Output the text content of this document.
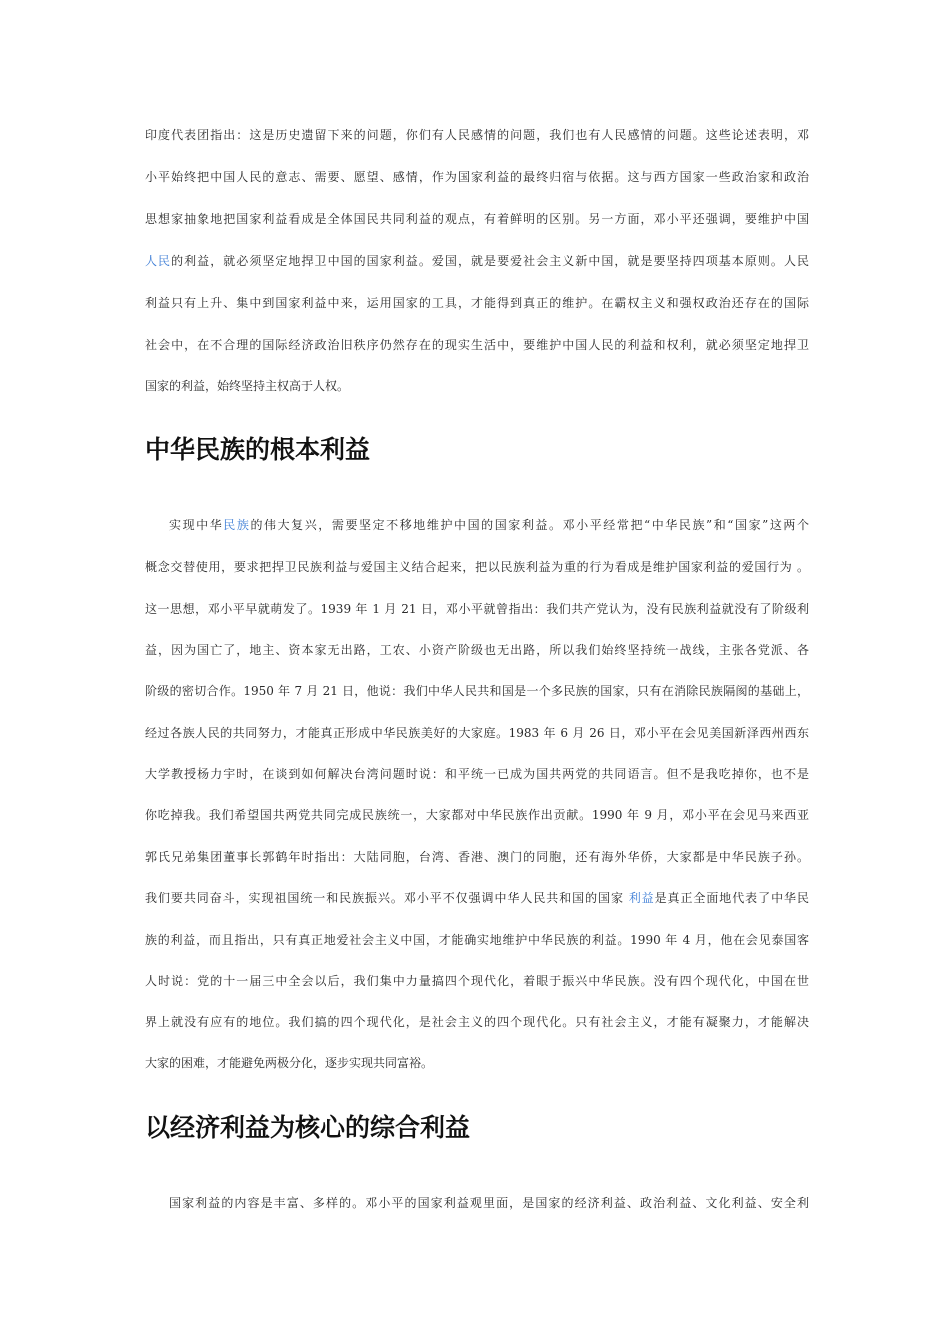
印度代表团指出：这是历史遗留下来的问题，你们有人民感情的问题，我们也有人民感情的问题。这些论述表明，邓
小平始终把中国人民的意志、需要、愿望、感情，作为国家利益的最终归宿与依据。这与西方国家一些政治家和政治
思想家抽象地把国家利益看成是全体国民共同利益的观点，有着鲜明的区别。另一方面，邓小平还强调，要维护中国
人民的利益，就必须坚定地捍卫中国的国家利益。爱国，就是要爱社会主义新中国，就是要坚持四项基本原则。人民
利益只有上升、集中到国家利益中来，运用国家的工具，才能得到真正的维护。在霸权主义和强权政治还存在的国际
社会中，在不合理的国际经济政治旧秩序仍然存在的现实生活中，要维护中国人民的利益和权利，就必须坚定地捍卫
国家的利益，始终坚持主权高于人权。
中华民族的根本利益
实现中华民族的伟大复兴，需要坚定不移地维护中国的国家利益。邓小平经常把“中华民族”和“国家”这两个
概念交替使用，要求把捍卫民族利益与爱国主义结合起来，把以民族利益为重的行为看成是维护国家利益的爱国行为 。
这一思想，邓小平早就萌发了。1939 年 1 月 21 日，邓小平就曾指出：我们共产党认为，没有民族利益就没有了阶级利
益，因为国亡了，地主、资本家无出路，工农、小资产阶级也无出路，所以我们始终坚持统一战线，主张各党派、各
阶级的密切合作。1950 年 7 月 21 日，他说：我们中华人民共和国是一个多民族的国家，只有在消除民族隔阂的基础上，
经过各族人民的共同努力，才能真正形成中华民族美好的大家庭。1983 年 6 月 26 日，邓小平在会见美国新泽西州西东
大学教授杨力宇时，在谈到如何解决台湾问题时说：和平统一已成为国共两党的共同语言。但不是我吃掉你，也不是
你吃掉我。我们希望国共两党共同完成民族统一，大家都对中华民族作出贡献。1990 年 9 月，邓小平在会见马来西亚
郭氏兄弟集团董事长郭鹤年时指出：大陆同胞，台湾、香港、澳门的同胞，还有海外华侨，大家都是中华民族子孙。
我们要共同奋斗，实现祖国统一和民族振兴。邓小平不仅强调中华人民共和国的国家 利益是真正全面地代表了中华民
族的利益，而且指出，只有真正地爱社会主义中国，才能确实地维护中华民族的利益。1990 年 4 月，他在会见泰国客
人时说：党的十一届三中全会以后，我们集中力量搞四个现代化，着眼于振兴中华民族。没有四个现代化，中国在世
界上就没有应有的地位。我们搞的四个现代化，是社会主义的四个现代化。只有社会主义，才能有凝聚力，才能解决
大家的困难，才能避免两极分化，逐步实现共同富裕。
以经济利益为核心的综合利益
国家利益的内容是丰富、多样的。邓小平的国家利益观里面，是国家的经济利益、政治利益、文化利益、安全利
